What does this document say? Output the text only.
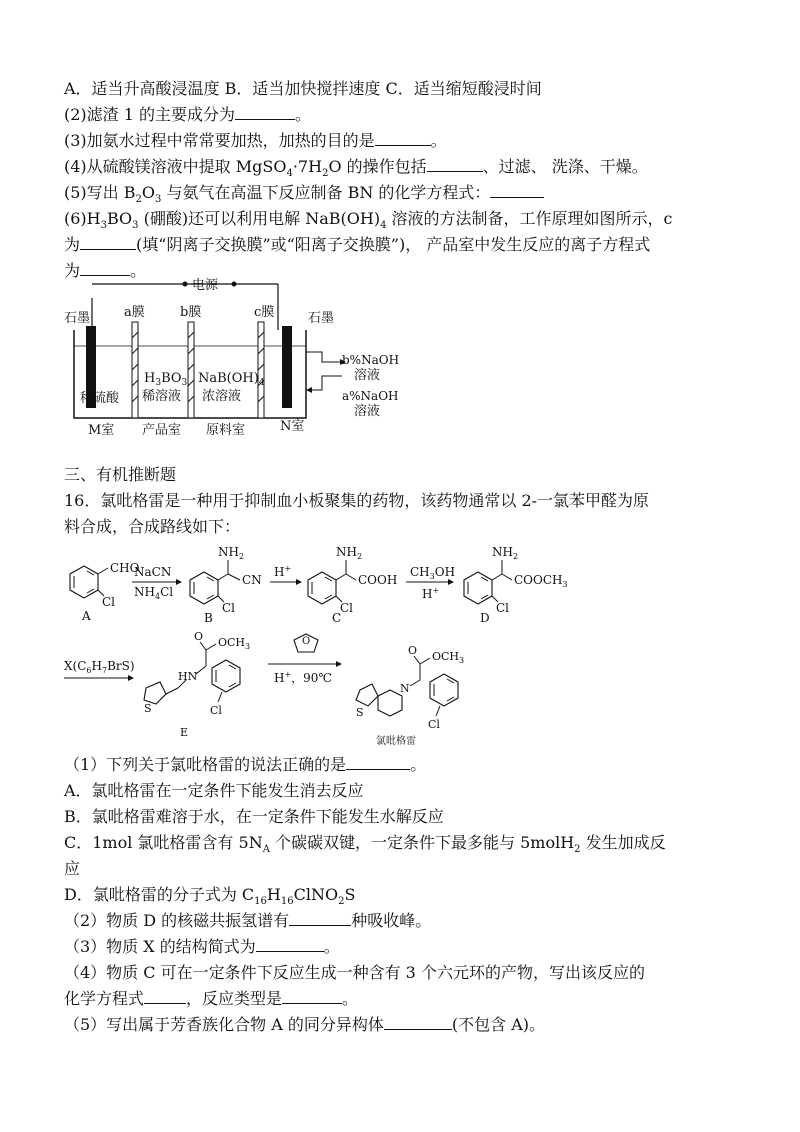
A．适当升高酸浸温度 B．适当加快搅拌速度 C．适当缩短酸浸时间
(2)滤渣 1 的主要成分为	。
(3)加氨水过程中常常要加热，加热的目的是	。
(4)从硫酸镁溶液中提取 $MgSO_4\cdot 7H_2O$ 的操作包括	、过滤、 洗涤、干燥。
(5)写出 $B_2O_3$ 与氨气在高温下反应制备 BN 的化学方程式：
$(6)H_3BO_3$ (硼酸)还可以利用电解 $NaB(OH)_4$ 溶液的方法制备，工作原理如图所示，c
为	(填“阴离子交换膜”或“阳离子交换膜”)， 产品室中发生反应的离子方程式
为	。
电源
石墨	a膜	b膜	c膜	石墨
稀硫酸
$H_3BO_3$
稀溶液
$NaB(OH)_4$
浓溶液
b%NaOH
溶液
a%NaOH
溶液
M室 产品室 原料室	N室
三、有机推断题
16．氯吡格雷是一种用于抑制血小板聚集的药物，该药物通常以 2-一氯苯甲醛为原
料合成，合成路线如下：
CHO
Cl
A
NaCN
$NH_4Cl$
$NH_2$
CN
Cl
B
H+
$NH_2$
COOH
Cl
C
$CH_3OH$
H+
$NH_2$
$COOCH_3$
Cl
D
$X(C_6H_7BrS)$
S
HN
O $OCH_3$
Cl
E
O
H+，90℃
S
N
O $OCH_3$
Cl
氯吡格雷
（1）下列关于氯吡格雷的说法正确的是	。
A．氯吡格雷在一定条件下能发生消去反应
B．氯吡格雷难溶于水，在一定条件下能发生水解反应
C．1mol 氯吡格雷含有 $5N_A$ 个碳碳双键，一定条件下最多能与 5molH$_2$ 发生加成反
应
D．氯吡格雷的分子式为 $C_{16}H_{16}ClNO_2S$
（2）物质 D 的核磁共振氢谱有	种吸收峰。
（3）物质 X 的结构简式为	。
（4）物质 C 可在一定条件下反应生成一种含有 3 个六元环的产物，写出该反应的
化学方程式	，反应类型是	。
（5）写出属于芳香族化合物 A 的同分异构体	(不包含 A)。
